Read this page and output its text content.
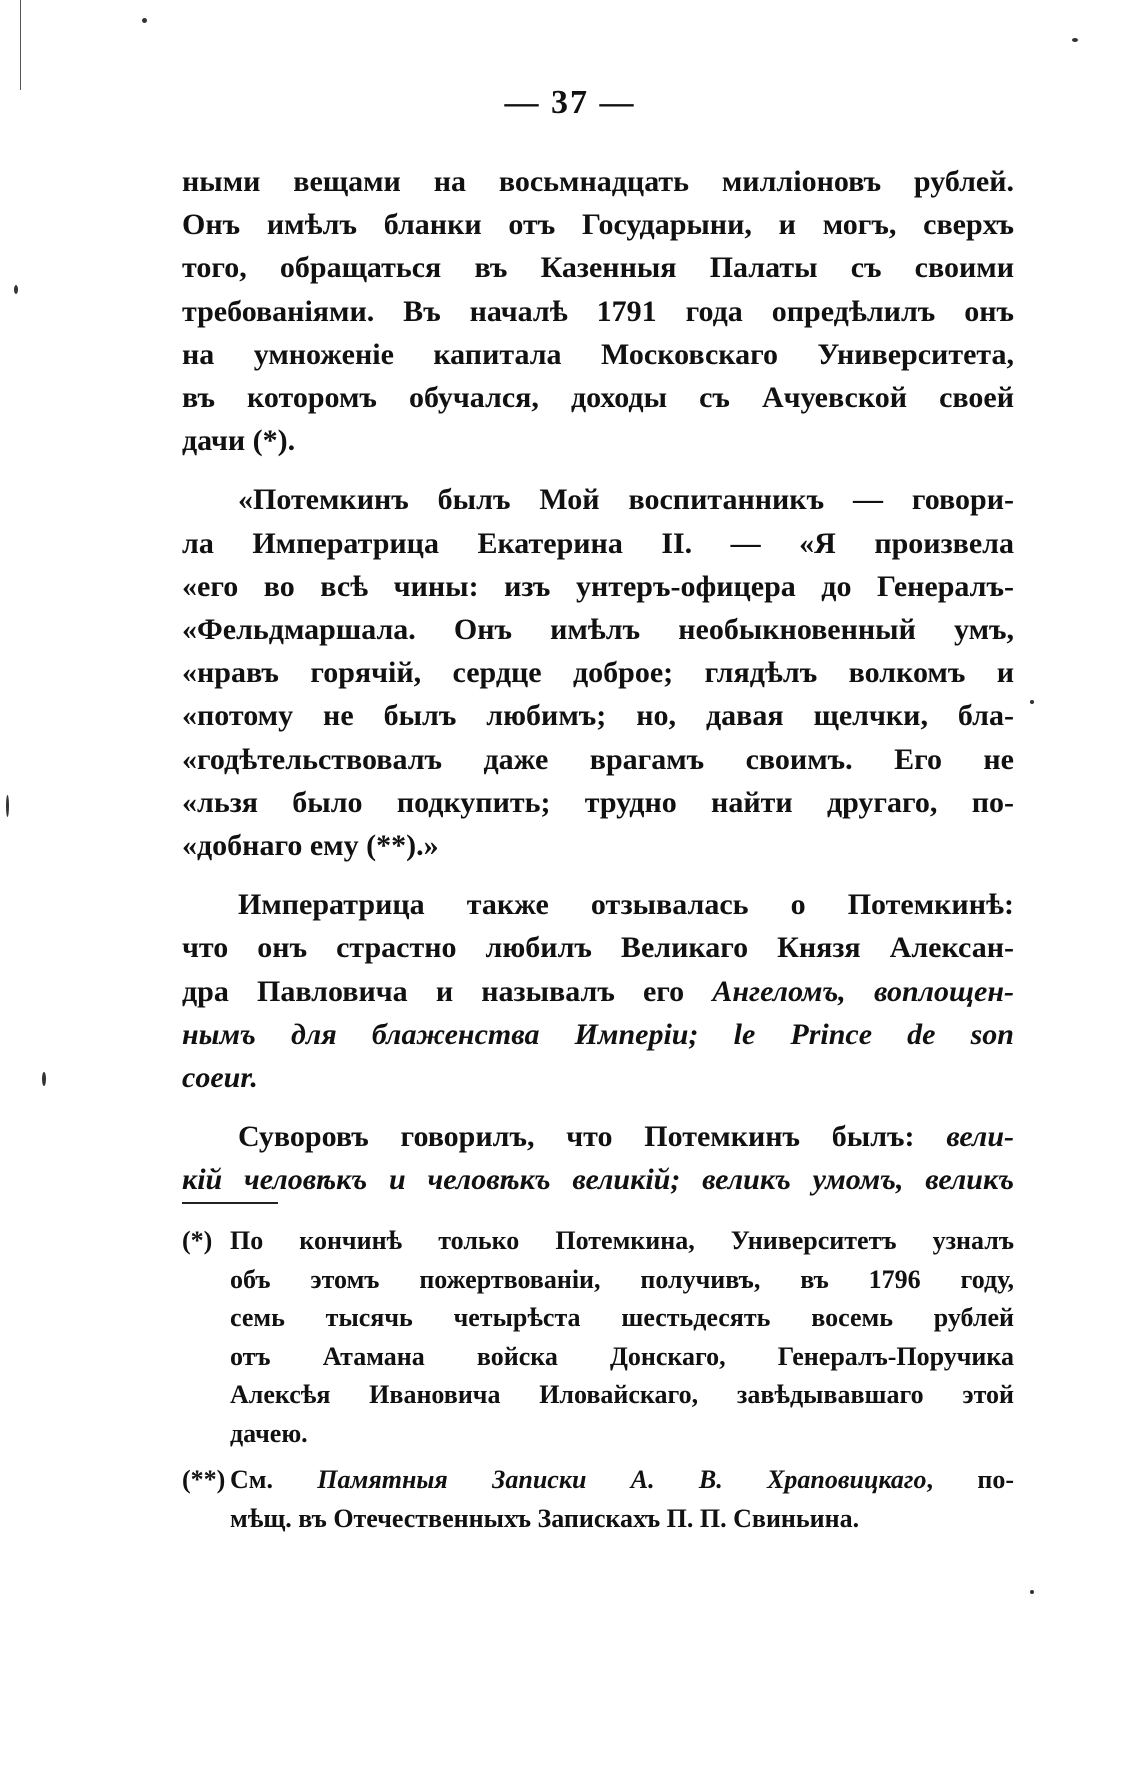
— 37 —

ными вещами на восьмнадцать милліоновъ рублей.
Онъ имѣлъ бланки отъ Государыни, и могъ, сверхъ
того, обращаться въ Казенныя Палаты съ своими
требованіями. Въ началѣ 1791 года опредѣлилъ онъ
на умноженіе капитала Московскаго Университета,
въ которомъ обучался, доходы съ Ачуевской своей
дачи (*).

«Потемкинъ былъ Мой воспитанникъ — говори-
ла Императрица Екатерина II. — «Я произвела
«его во всѣ чины: изъ унтеръ-офицера до Генералъ-
«Фельдмаршала. Онъ имѣлъ необыкновенный умъ,
«нравъ горячій, сердце доброе; глядѣлъ волкомъ и
«потому не былъ любимъ; но, давая щелчки, бла-
«годѣтельствовалъ даже врагамъ своимъ. Его не
«льзя было подкупить; трудно найти другаго, по-
«добнаго ему (**).»

Императрица также отзывалась о Потемкинѣ:
что онъ страстно любилъ Великаго Князя Алексан-
дра Павловича и называлъ его Ангеломъ, воплощен-
нымъ для блаженства Имперіи; le Prince de son
coeur.

Суворовъ говорилъ, что Потемкинъ былъ: вели-
кій человѣкъ и человѣкъ великій; великъ умомъ, великъ

(*) По кончинѣ только Потемкина, Университетъ узналъ
объ этомъ пожертвованіи, получивъ, въ 1796 году,
семь тысячь четырѣста шестьдесять восемь рублей
отъ Атамана войска Донскаго, Генералъ-Поручика
Алексѣя Ивановича Иловайскаго, завѣдывавшаго этой
дачею.
(**) См. Памятныя Записки А. В. Храповицкаго, по-
мѣщ. въ Отечественныхъ Запискахъ П. П. Свиньина.
